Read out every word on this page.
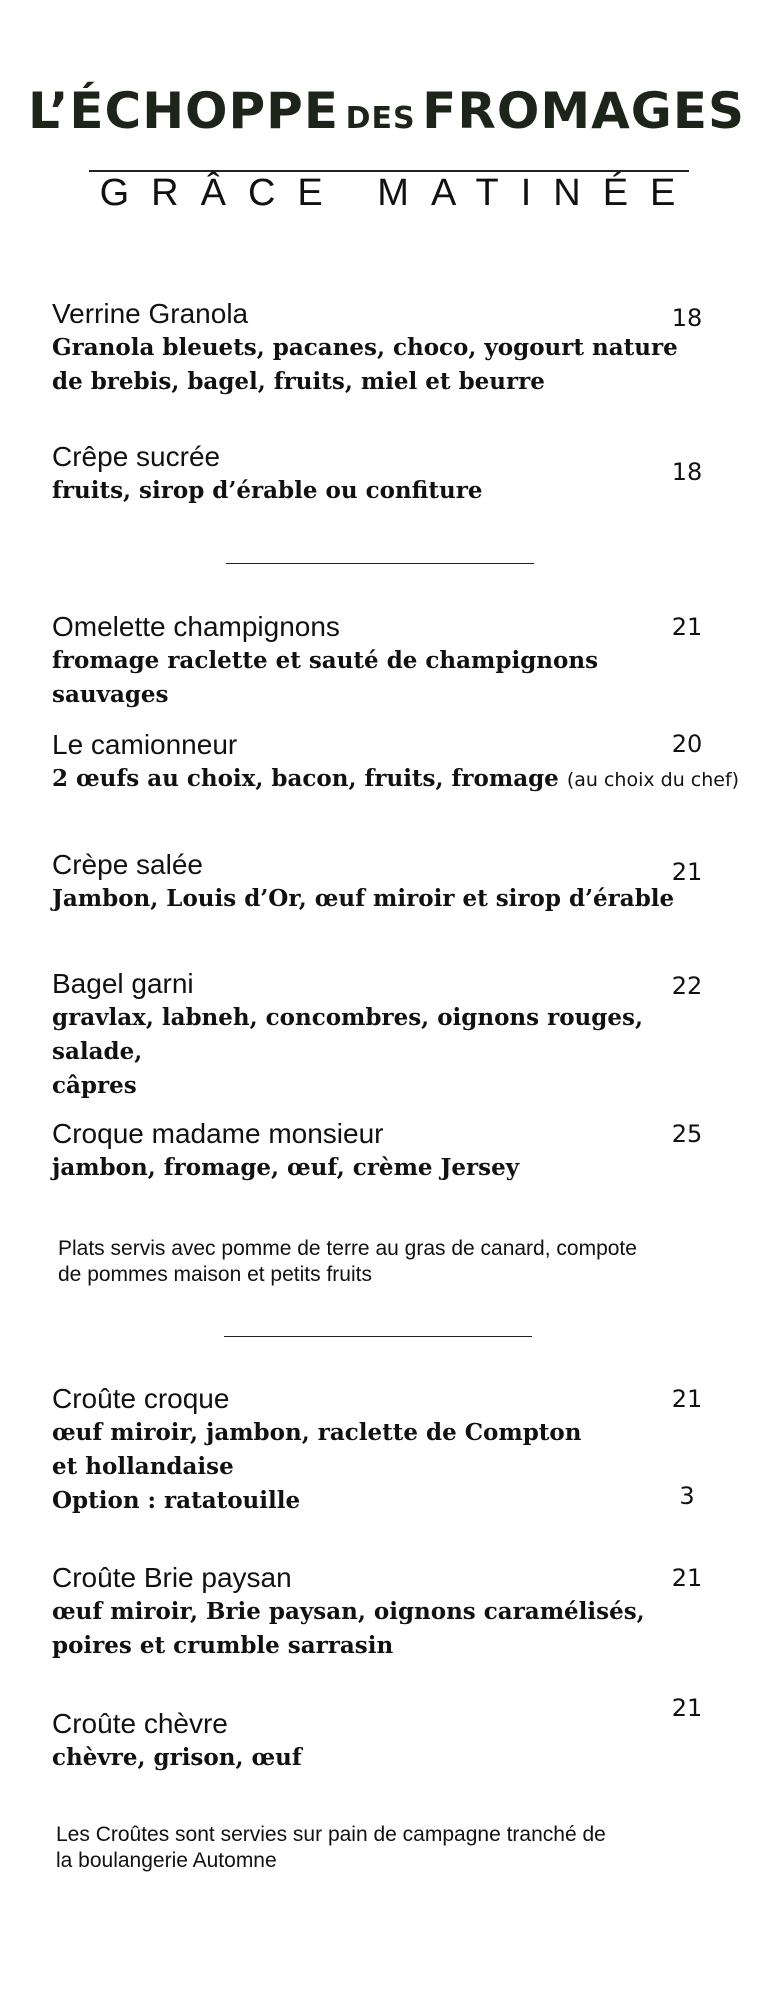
L’ÉCHOPPE DES FROMAGES
GRÂCE MATINÉE

Verrine Granola

Granola bleuets, pacanes, choco, yogourt nature

de brebis, bagel, fruits, miel et beurre

18

Crêpe sucrée

fruits, sirop d’érable ou confiture

18

Omelette champignons

fromage raclette et sauté de champignons sauvages

21

Le camionneur

2 œufs au choix, bacon, fruits, fromage (au choix du chef)

20

Crèpe salée

Jambon, Louis d’Or, œuf miroir et sirop d’érable

21

Bagel garni

gravlax, labneh, concombres, oignons rouges, salade,

câpres

22

Croque madame monsieur

jambon, fromage, œuf, crème Jersey

25
Plats servis avec pomme de terre au gras de canard, compote
de pommes maison et petits fruits

Croûte croque

œuf miroir, jambon, raclette de Compton

et hollandaise

Option : ratatouille

21
3

Croûte Brie paysan

œuf miroir, Brie paysan, oignons caramélisés,

poires et crumble sarrasin

21

Croûte chèvre

chèvre, grison, œuf

21
Les Croûtes sont servies sur pain de campagne tranché de
la boulangerie Automne
